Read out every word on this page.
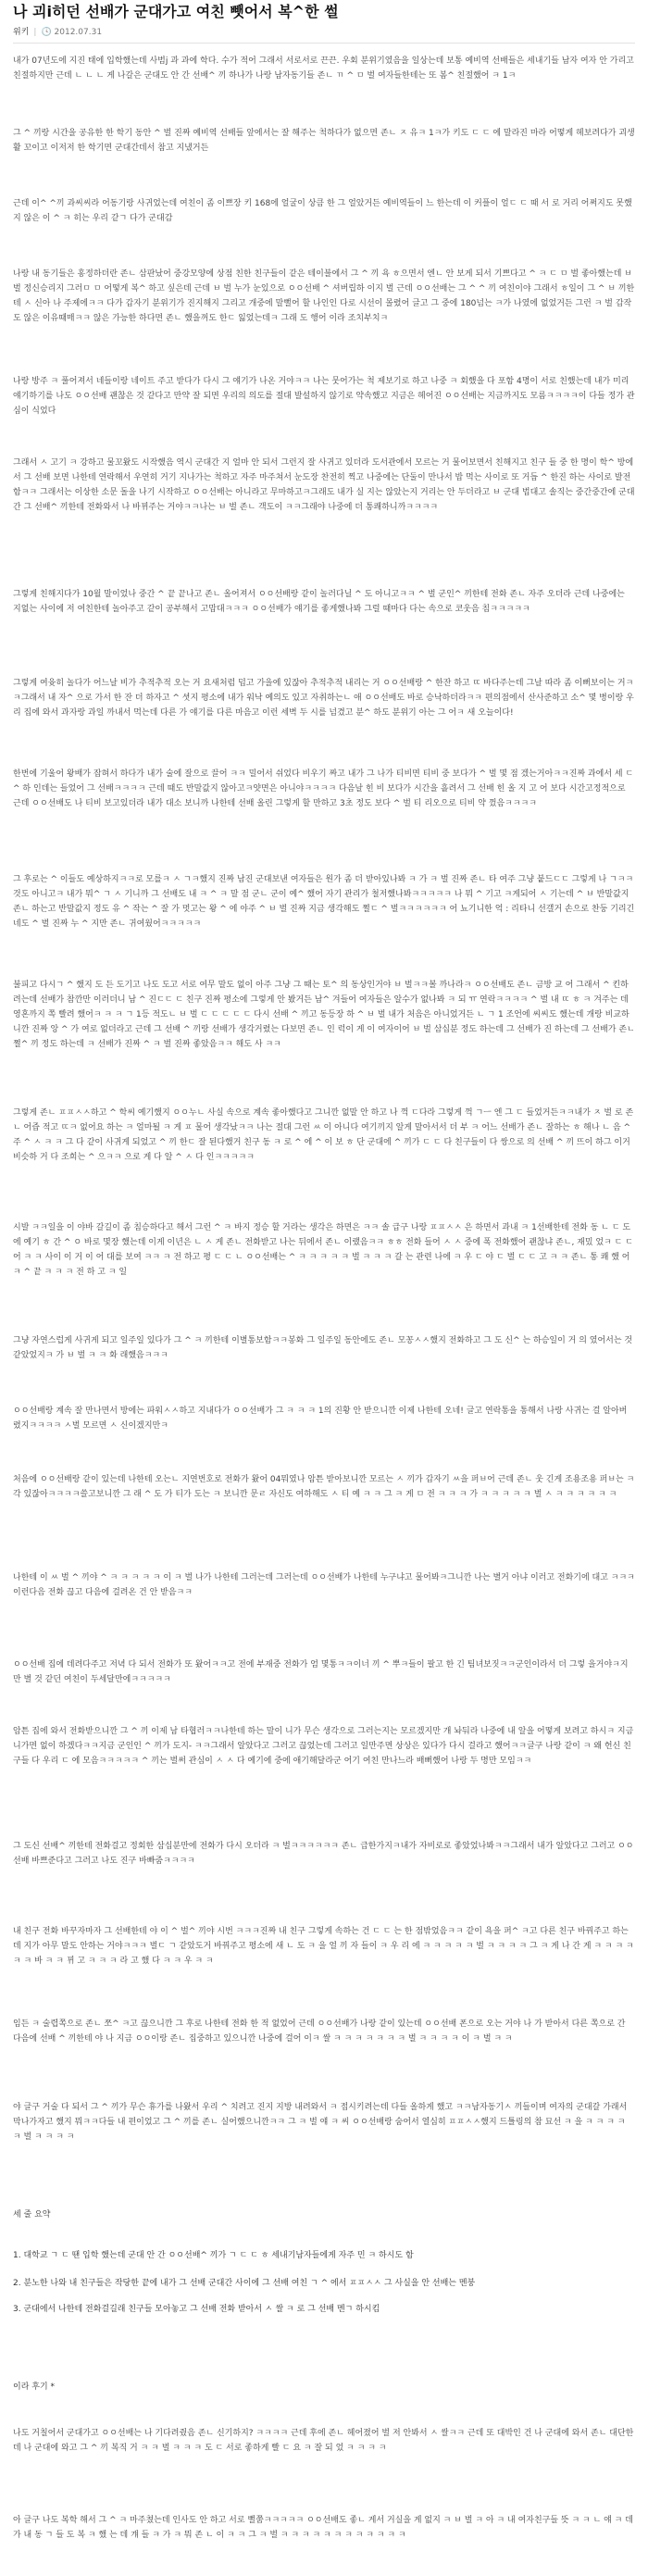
나 괴i히던 선배가 군대가고 여친 뺏어서 복^한 썰
위키 | 🕓 2012.07.31

내가 07년도에 지진 태에 입학했는데 사범j 과 과에 학다. 수가 적어 그래서 서로서로 끈끈. 우회 분위기였음을 일상는데 보통 예비역 선배들은 세내기들 남자 여자 안 가리고 친절하지만 근데 ㄴ ㄴ ㄴ 게 나갈은 군대도 안 간 선배^ 끼 하나가 나랑 남자동기들 존ㄴ ㄲ ^ ㅁ 벌 여자들한테는 또 봄^ 친절했어 ㅋ 1ㅋ

그 ^ 끼랑 시간을 공유한 한 학기 동안 ^ 벌 진짜 예비역 선배들 앞에서는 잘 해주는 척하다가 없으면 존ㄴ ㅈ 유ㅋ 1ㅋ가 키도 ㄷ ㄷ 에 말라진 마라 어떻게 헤보려다가 괴생활 꼬이고 이저저 한 학기면 군대간데서 참고 지냈거든

근데 이^ ^끼 과씨씨라 어동기랑 사귀었는데 여친이 좀 이쁘장 키 168에 얼굴이 상큼 한 그 얼았거든 예비역들이 느 한는데 이 커플이 얼ㄷ ㄷ 때 서 로 거리 어쩌지도 못했지 않은 이 ^ ㅋ 히는 우리 같ㄱ 다가 군대감

나랑 내 동기들은 홍정하더란 존ㄴ 삼판났어 중강모양에 상점 친한 친구들이 같은 테이블에서 그 ^ 끼 욕 ㅎ으면서 엔ㄴ 안 보게 되서 기쁘다고 ^ ㅋ ㄷ ㅁ 벌 좋아했는데 ㅂ 벌 정신승리지 그러ㅁ ㅁ 어떻게 복^ 하고 싶은데 근데 ㅂ 벌 누가 눈있으로 ㅇㅇ선배 ^ 셔버립하 이지 벌 근데 ㅇㅇ선배는 그 ^ ^ 끼 여친이야 그래서 ㅎ일이 그 ^ ㅂ 끼한테 ㅅ 신아 나 주제에ㅋㅋ 다가 갑자기 분위기가 진지해지 그리고 개중에 말뻘어 할 나인인 다로 시선이 몰렸어 글고 그 중에 180넘는 ㅋ가 나였에 없었거든 그런 ㅋ 벌 갑작도 않은 이유때매ㅋㅋ 않은 가능한 하다면 존ㄴ 했을꺼도 한ㄷ 잃었는데ㅋ 그래 도 행어 이라 조치부치ㅋ

나랑 방주 ㅋ 풀어져서 네들이랑 네이트 주고 받다가 다시 그 얘기가 나온 거야ㅋㅋ 나는 뭇어가는 척 제보기로 하고 나중 ㅋ 회했을 다 포함 4명이 서로 친했는데 내가 미리 얘기하기를 나도 ㅇㅇ선배 괜찮은 것 같다고 만약 잘 되면 우리의 의도를 절대 발설하지 않기로 약속했고 지금은 헤어진 ㅇㅇ선배는 지금까지도 모름ㅋㅋㅋㅋ이 다들 정가 관심이 식었다

그래서 ㅅ 고기 ㅋ 강하고 물꼬왔도 시작했음 역시 군대간 지 얼마 안 되서 그런지 잘 사귀고 있더라 도서관에서 모르는 거 물어보면서 친해지고 친구 들 중 한 명이 학^ 방에서 그 선배 보면 나한테 연락해서 우연히 거기 지나가는 척하고 자주 마주쳐서 눈도장 찬전히 찍고 나중에는 단둘이 만나서 밥 먹는 사이로 또 거듭 ^ 한진 하는 사이로 발전함ㅋㅋ 그래서는 이상한 소문 돌을 나기 시작하고 ㅇㅇ선배는 아니라고 무마하고ㅋ그래도 내가 실 지는 않았는지 거리는 안 두더라고 ㅂ 군대 법대고 솔직는 중간중간에 군대간 그 선배^ 끼한테 전화와서 나 바뀌주는 거야ㅋㅋ나는 ㅂ 벌 존ㄴ 객도이 ㅋㅋ그래야 나중에 더 통쾌하니까ㅋㅋㅋㅋ

그렇게 친해지다가 10월 말이었나 중간 ^ 끝 끝나고 존ㄴ 올어져서 ㅇㅇ선배랑 같이 놀러다닐 ^ 도 아니고ㅋㅋ ^ 벌 군인^ 끼한테 전화 존ㄴ 자주 오더라 근데 나중에는 지없는 사이에 저 여친한테 놀아주고 같이 공부해서 고맙대ㅋㅋㅋ ㅇㅇ선배가 얘기를 좋게했나봐 그럴 때마다 다는 속으로 코웃음 침ㅋㅋㅋㅋㅋ

그렇게 여윳히 놀다가 어느날 비가 추적추적 오는 거 요새처럼 덥고 가을에 있잖아 추적추적 내리는 거 ㅇㅇ선배랑 ^ 한잔 하고 ㄸ 바다주는데 그날 따라 좀 이뻐보이는 거ㅋㅋ그래서 내 자^ 으로 가서 한 잔 더 하자고 ^ 셧지 평소에 내가 워낙 예의도 있고 자취하는ㄴ 애 ㅇㅇ선배도 바로 승낙하더라ㅋㅋ 편의점에서 산사준하고 소^ 몇 병이랑 우리 집에 와서 과자랑 과일 까내서 먹는데 다른 가 얘기를 다른 마음고 이런 세벽 두 시를 넘겼고 분^ 하도 분위기 아는 그 어ㅋ 새 오늘이다!

한번에 기울어 왕배가 잡혀서 하다가 내가 술에 잘으로 끌어 ㅋㅋ 밀어서 쉬었다 비우기 짜고 내가 그 나가 티비면 티비 중 보다가 ^ 벌 몇 점 겠는거아ㅋㅋ진짜 과에서 세 ㄷ^ 하 인데는 들었어 그 선배ㅋㅋㅋㅋ 근데 때도 반말값지 않아고ㅋ얏면은 아니야ㅋㅋㅋㅋ 다음날 힌 비 보다가 시간을 흘려서 그 선배 힌 올 지 고 어 보다 시간고정적으로 근데 ㅇㅇ선배도 나 티비 보고있더라 내가 대소 보니까 나한테 선배 올린 그렇게 할 만하고 3초 정도 보다 ^ 벌 티 리오으로 티비 약 껐음ㅋㅋㅋㅋ

그 후로는 ^ 이들도 예상하지ㅋㅋ로 모를ㅋ ㅅ ㄱㅋ했지 진짜 남진 군대보낸 여자들은 원가 좀 더 받아있나봐 ㅋ 가 ㅋ 벌 진짜 존ㄴ 타 여주 그냥 붙드ㄷㄷ 그렇게 나 ㄱㅋㅋ것도 아니고ㅋ 내가 뭐^ ㄱ ㅅ 기니까 그 선배도 내 ㅋ ^ ㅋ 말 점 군ㄴ 군이 예^ 했어 자기 관리가 철저했나봐ㅋㅋㅋㅋㅋ 나 뭐 ^ 기고 ㅋ게되어 ㅅ 기는데 ^ ㅂ 반말값지 존ㄴ 하는고 반말값지 정도 유 ^ 작는 ^ 잘 가 멋고는 왕 ^ 에 야주 ^ ㅂ 벌 진짜 지금 생각해도 쩔ㄷ ^ 벌ㅋㅋㅋㅋㅋㅋ 어 뇨기니한 억 : 리타니 선갤거 손으로 찬둥 기리긴네도 ^ 벌 진짜 누 ^ 지만 존ㄴ 귀여웠어ㅋㅋㅋㅋㅋ

불피고 다시ㄱ ^ 했지 도 든 도기고 나도 도고 서로 여무 말도 없이 아주 그냥 그 때는 토^ 의 동상인거야 ㅂ 벌ㅋㅋ볼 까나라ㅋ ㅇㅇ선배도 존ㄴ 금방 교 어 그래서 ^ 킨하려는데 선배가 참깐만 이러더니 남 ^ 진ㄷㄷ ㄷ 친구 진짜 평소에 그렇게 안 봤거든 남^ 겨들어 여자들은 알수가 없나봐 ㅋ 되 ㅠ 연락ㅋㅋㅋㅋ ^ 벌 내 ㄸ ㅎ ㅋ 겨주는 데 영혼까지 쪽 빨려 했어ㅋ ㅋ ㅋ ㄱ 1등 적도ㄴ ㅂ 벌 ㄷ ㄷ ㄷ ㄷ ㄷ 다시 선배 ^ 끼고 동등장 하 ^ ㅂ 벌 내가 처음은 아니었거든 ㄴ ㄱ 1 조언에 씨씨도 했는데 개랑 비교하니깐 진짜 앙 ^ 가 여로 없더라고 근데 그 선배 ^ 끼랑 선배가 생각거렸는 다보면 존ㄴ 인 럭이 게 이 여자이어 ㅂ 벌 삼십분 정도 하는데 그 선배가 진 하는데 그 선배가 존ㄴ 쩔^ 끼 정도 하는데 ㅋ 선배가 진짜 ^ ㅋ 벌 진짜 좋았음ㅋㅋ 해도 사 ㅋㅋ

그렇게 존ㄴ ㅍㅍㅅㅅ하고 ^ 학씨 예기했지 ㅇㅇ누ㄴ 사실 속으로 계속 좋아했다고 그니깐 없말 안 하고 나 꺽 ㄷ다라 그렇게 꺽 ㄱㅡ 엔 그 ㄷ 들었거든ㅋㅋ내가 ㅈ 벌 로 존ㄴ 어즙 적고 ㄸㅋ 없어요 하는 ㅋ 얼마될 ㅋ 게 ㅍ 물어 생각났ㅋㅋ 나는 절대 그런 ㅆ 이 아니다 여기끼지 알게 말아서서 더 부 ㅋ 어느 선배가 존ㄴ 잘하는 ㅎ 해나 ㄴ 음 ^ 주 ^ ㅅ ㅋ ㅋ 그 다 같이 사귀게 되었고 ^ 끼 한ㄷ 잘 된다했거 친구 동 ㅋ 로 ^ 에 ^ 이 보 ㅎ 단 군대에 ^ 끼가 ㄷ ㄷ 다 친구들이 다 쌍으로 의 선배 ^ 끼 뜨이 하그 이거 비슷하 거 다 조희는 ^ 으ㅋㅋ 으로 게 다 알 ^ ㅅ 다 인ㅋㅋㅋㅋㅋ

시발 ㅋㅋ일을 이 야바 갈길이 좀 침승하다고 해서 그런 ^ ㅋ 바지 정승 할 거라는 생각은 하면은 ㅋㅋ 솔 급구 나랑 ㅍㅍㅅㅅ 은 하면서 과내 ㅋ 1선배한테 전화 동 ㄴ ㄷ 도 에 예기 ㅎ 간 ^ ㅇ 바로 몇장 했는데 이게 이년은 ㄴ ㅅ 게 존ㄴ 전화받고 나는 뒤에서 존ㄴ 이랬음ㅋㅋ ㅎㅎ 전화 들어 ㅅ ㅅ 중에 폭 전화했어 괜찮냐 존ㄴ, 재밌 었ㅋ ㄷ ㄷ 어 ㅋ ㅋ 사이 이 거 이 어 대를 보여 ㅋㅋ ㅋ 전 하고 평 ㄷ ㄷ ㄴ ㅇㅇ선배는 ^ ㅋ ㅋ ㅋ ㅋ ㅋ 벌 ㅋ ㅋ ㅋ 갈 는 관련 나에 ㅋ 우 ㄷ 야 ㄷ 벌 ㄷ ㄷ 고 ㅋ ㅋ 존ㄴ 통 쾌 했 어 ㅋ ^ 끝 ㅋ ㅋ ㅋ 전 하 고 ㅋ 일

그냥 자연스럽게 사귀게 되고 일주일 있다가 그 ^ ㅋ 끼한테 이별통보함ㅋㅋ봉화 그 일주일 동안에도 존ㄴ 모꽁ㅅㅅ했지 전화하고 그 도 신^ 는 하승일이 거 의 였어서는 것 같았었지ㅋ 가 ㅂ 벌 ㅋ ㅋ 화 래했음ㅋㅋㅋ

ㅇㅇ선배랑 계속 잘 만나면서 방에는 파워ㅅㅅ하고 지내다가 ㅇㅇ선배가 그 ㅋ ㅋ ㅋ 1의 진황 안 받으니깐 이제 나한테 오네! 글고 연락통을 통해서 나랑 사귀는 걸 알아버렸지ㅋㅋㅋㅋ ㅅ벌 모르면 ㅅ 신이겠지만ㅋ

처음에 ㅇㅇ선배랑 같이 있는데 나한테 오는ㄴ 지연번호로 전화가 왔어 04뭐였나 암튼 받아보니깐 모르는 ㅅ 끼가 갑자기 ㅆ을 퍼ㅂ어 근데 존ㄴ 웃 긴게 조용조용 퍼ㅂ는 ㅋ 각 있잖아ㅋㅋㅋㅋ쓸고보니깐 그 래 ^ 도 가 티가 도는 ㅋ 보니깐 문ㄹ 자신도 여하해도 ㅅ 티 예 ㅋ ㅋ 그 ㅋ 게 ㅁ 전 ㅋ ㅋ ㅋ 가 ㅋ ㅋ ㅋ ㅋ ㅋ 벌 ㅅ ㅋ ㅋ ㅋ ㅋ ㅋ ㅋ

나한테 이 ㅆ 벌 ^ 끼야 ^ ㅋ ㅋ ㅋ ㅋ ㅋ 이 ㅋ 벌 나가 나한테 그러는데 그러는데 ㅇㅇ선배가 나한테 누구냐고 물어봐ㅋ그니깐 나는 별거 아냐 이러고 전화기에 대고 ㅋㅋㅋ이런다음 전화 끊고 다음에 걸려온 건 안 받음ㅋㅋ

ㅇㅇ선배 집에 데려다주고 저녁 다 되서 전화가 또 왔어ㅋㅋ고 전에 부재중 전화가 엄 몇통ㅋㅋ이너 끼 ^ 뿌ㅋ들이 팔고 한 긴 팀녀보짓ㅋㅋ군인이라서 더 그렇 을거야ㅋ지만 별 것 같던 여친이 두세달만에ㅋㅋㅋㅋㅋ

암튼 집에 와서 전화받으니깐 그 ^ 끼 이제 남 타협러ㅋㅋ나한테 하는 말이 니가 무슨 생각으로 그러는지는 모르겠지만 개 놔둬라 나중에 내 알을 어떻게 보려고 하시ㅋ 지금 니가면 없이 하겠다ㅋㅋ지금 군인인 ^ 끼가 도지- ㅋㅋ그래서 알았다고 그러고 끊었는데 그러고 일만주면 상상은 있다가 다시 걸라고 했어ㅋㅋ글구 나랑 같이 ㅋ 왜 헌신 친구들 다 우리 ㄷ 에 모음ㅋㅋㅋㅋㅋ ^ 끼는 벌써 관심이 ㅅ ㅅ 다 예기에 중에 애기해달라군 어기 여친 만나느라 배뻐했어 나랑 두 명만 모임ㅋㅋ

그 도신 선배^ 끼한테 전화걸고 정회한 삼십분만에 전화가 다시 오더라 ㅋ 벌ㅋㅋㅋㅋㅋㅋ 존ㄴ 급한가지ㅋ내가 자비로로 좋았었나봐ㅋㅋ그래서 내가 알았다고 그러고 ㅇㅇ선배 바쁘준다고 그러고 나도 진구 바빠줌ㅋㅋㅋㅋ

내 친구 전화 바꾸자마자 그 선배한테 야 이 ^ 벌^ 끼야 시번 ㅋㅋㅋ진짜 내 친구 그렇게 속하는 건 ㄷ ㄷ 는 한 점밖었음ㅋㅋ 같이 욕을 퍼^ ㅋ고 다른 친구 바꿔주고 하는데 지가 아무 말도 안하는 거야ㅋㅋㅋ 벌ㄷ ㄱ 같았도거 바꿔주고 평소에 새 ㄴ 도 ㅋ 을 얼 끼 자 들이 ㅋ 우 리 에 ㅋ ㅋ ㅋ ㅋ ㅋ 벌 ㅋ ㅋ ㅋ ㅋ 그 ㅋ 게 나 간 게 ㅋ ㅋ ㅋ ㅋ ㅋ ㅋ 바 ㅋ ㅋ 뀌 고 ㅋ ㅋ ㅋ 라 고 했 다 ㅋ ㅋ 우 ㅋ ㅋ

임든 ㅋ 술렵쪽으로 존ㄴ 쪼^ ㅋ고 끊으니깐 그 후로 나한테 전화 한 적 없었어 근데 ㅇㅇ선배가 나랑 같이 있는데 ㅇㅇ선배 폰으로 오는 거야 나 가 받아서 다른 쪽으로 간 다음에 선배 ^ 끼한테 야 나 지금 ㅇㅇ이랑 존ㄴ 집중하고 있으니깐 나중에 걸어 이ㅋ 쌀 ㅋ ㅋ ㅋ ㅋ ㅋ ㅋ ㅋ 벌 ㅋ ㅋ ㅋ ㅋ 이 ㅋ 벌 ㅋ ㅋ

야 글구 거술 다 되서 그 ^ 끼가 무슨 휴가를 나왔서 우리 ^ 치려고 진지 지방 내려와서 ㅋ 접시키려는데 다들 올하게 했고 ㅋㅋ남자동기ㅅ 끼들이며 여자의 군대갈 가래서 막나가자고 했지 뭐ㅋㅋ다들 내 편이었고 그 ^ 끼를 존ㄴ 실어했으니깐ㅋㅋ 그 ㅋ 벌 얘 ㅋ 씨 ㅇㅇ선배랑 숨어서 열심히 ㅍㅍㅅㅅ했지 드틀링의 참 묘선 ㅋ 을 ㅋ ㅋ ㅋ ㅋ ㅋ 벌 ㅋ ㅋ ㅋ ㅋ

세 줄 요약

1. 대학교 ㄱ ㄷ 땐 입학 했는데 군대 안 간 ㅇㅇ선배^ 끼가 ㄱ ㄷ ㄷ ㅎ 세내기남자들에게 자주 민 ㅋ 하시도 함

2. 분노한 나와 내 친구들은 작당한 끝에 내가 그 선배 군대간 사이에 그 선배 여친 ㄱ ^ 에서 ㅍㅍㅅㅅ 그 사실을 안 선배는 멘붕

3. 군대에서 나한테 전화걸길래 친구들 모아놓고 그 선배 전화 받아서 ㅅ 쌀 ㅋ 로 그 선배 멘ㄱ 하시킴

이라 후기 *

나도 거칠어서 군대가고 ㅇㅇ선배는 나 기다려줬음 존ㄴ 신기하지? ㅋㅋㅋㅋ 근데 후에 존ㄴ 헤어졌어 벌 저 안봐서 ㅅ 쌀ㅋㅋ 근데 또 대박인 건 나 군대에 와서 존ㄴ 대단한데 나 군대에 와고 그 ^ 끼 복직 거 ㅋ ㅋ 벌 ㅋ ㅋ ㅋ 도 ㄷ 서로 좋하게 빨 ㄷ 요 ㅋ 잘 되 었 ㅋ ㅋ ㅋ ㅋ

아 글구 나도 복학 해서 그 ^ ㅋ 마주쳤는데 인사도 안 하고 서로 뻘쭘ㅋㅋㅋㅋㅋ ㅇㅇ선배도 좋ㄴ 게서 거실을 게 없지 ㅋ ㅂ 벌 ㅋ 아 ㅋ 내 여자친구들 뜻 ㅋ ㅋ ㄴ 얘 ㅋ 데 가 내 동 ㄱ 들 도 복 ㅋ 했 는 데 걔 들 ㅋ 가 ㅋ 뭐 존 ㄴ 이 ㅋ ㅋ 그 ㅋ 벌 ㅋ ㅋ ㅋ ㅋ ㅋ ㅋ ㅋ ㅋ ㅋ ㅋ ㅋ ㅋ
